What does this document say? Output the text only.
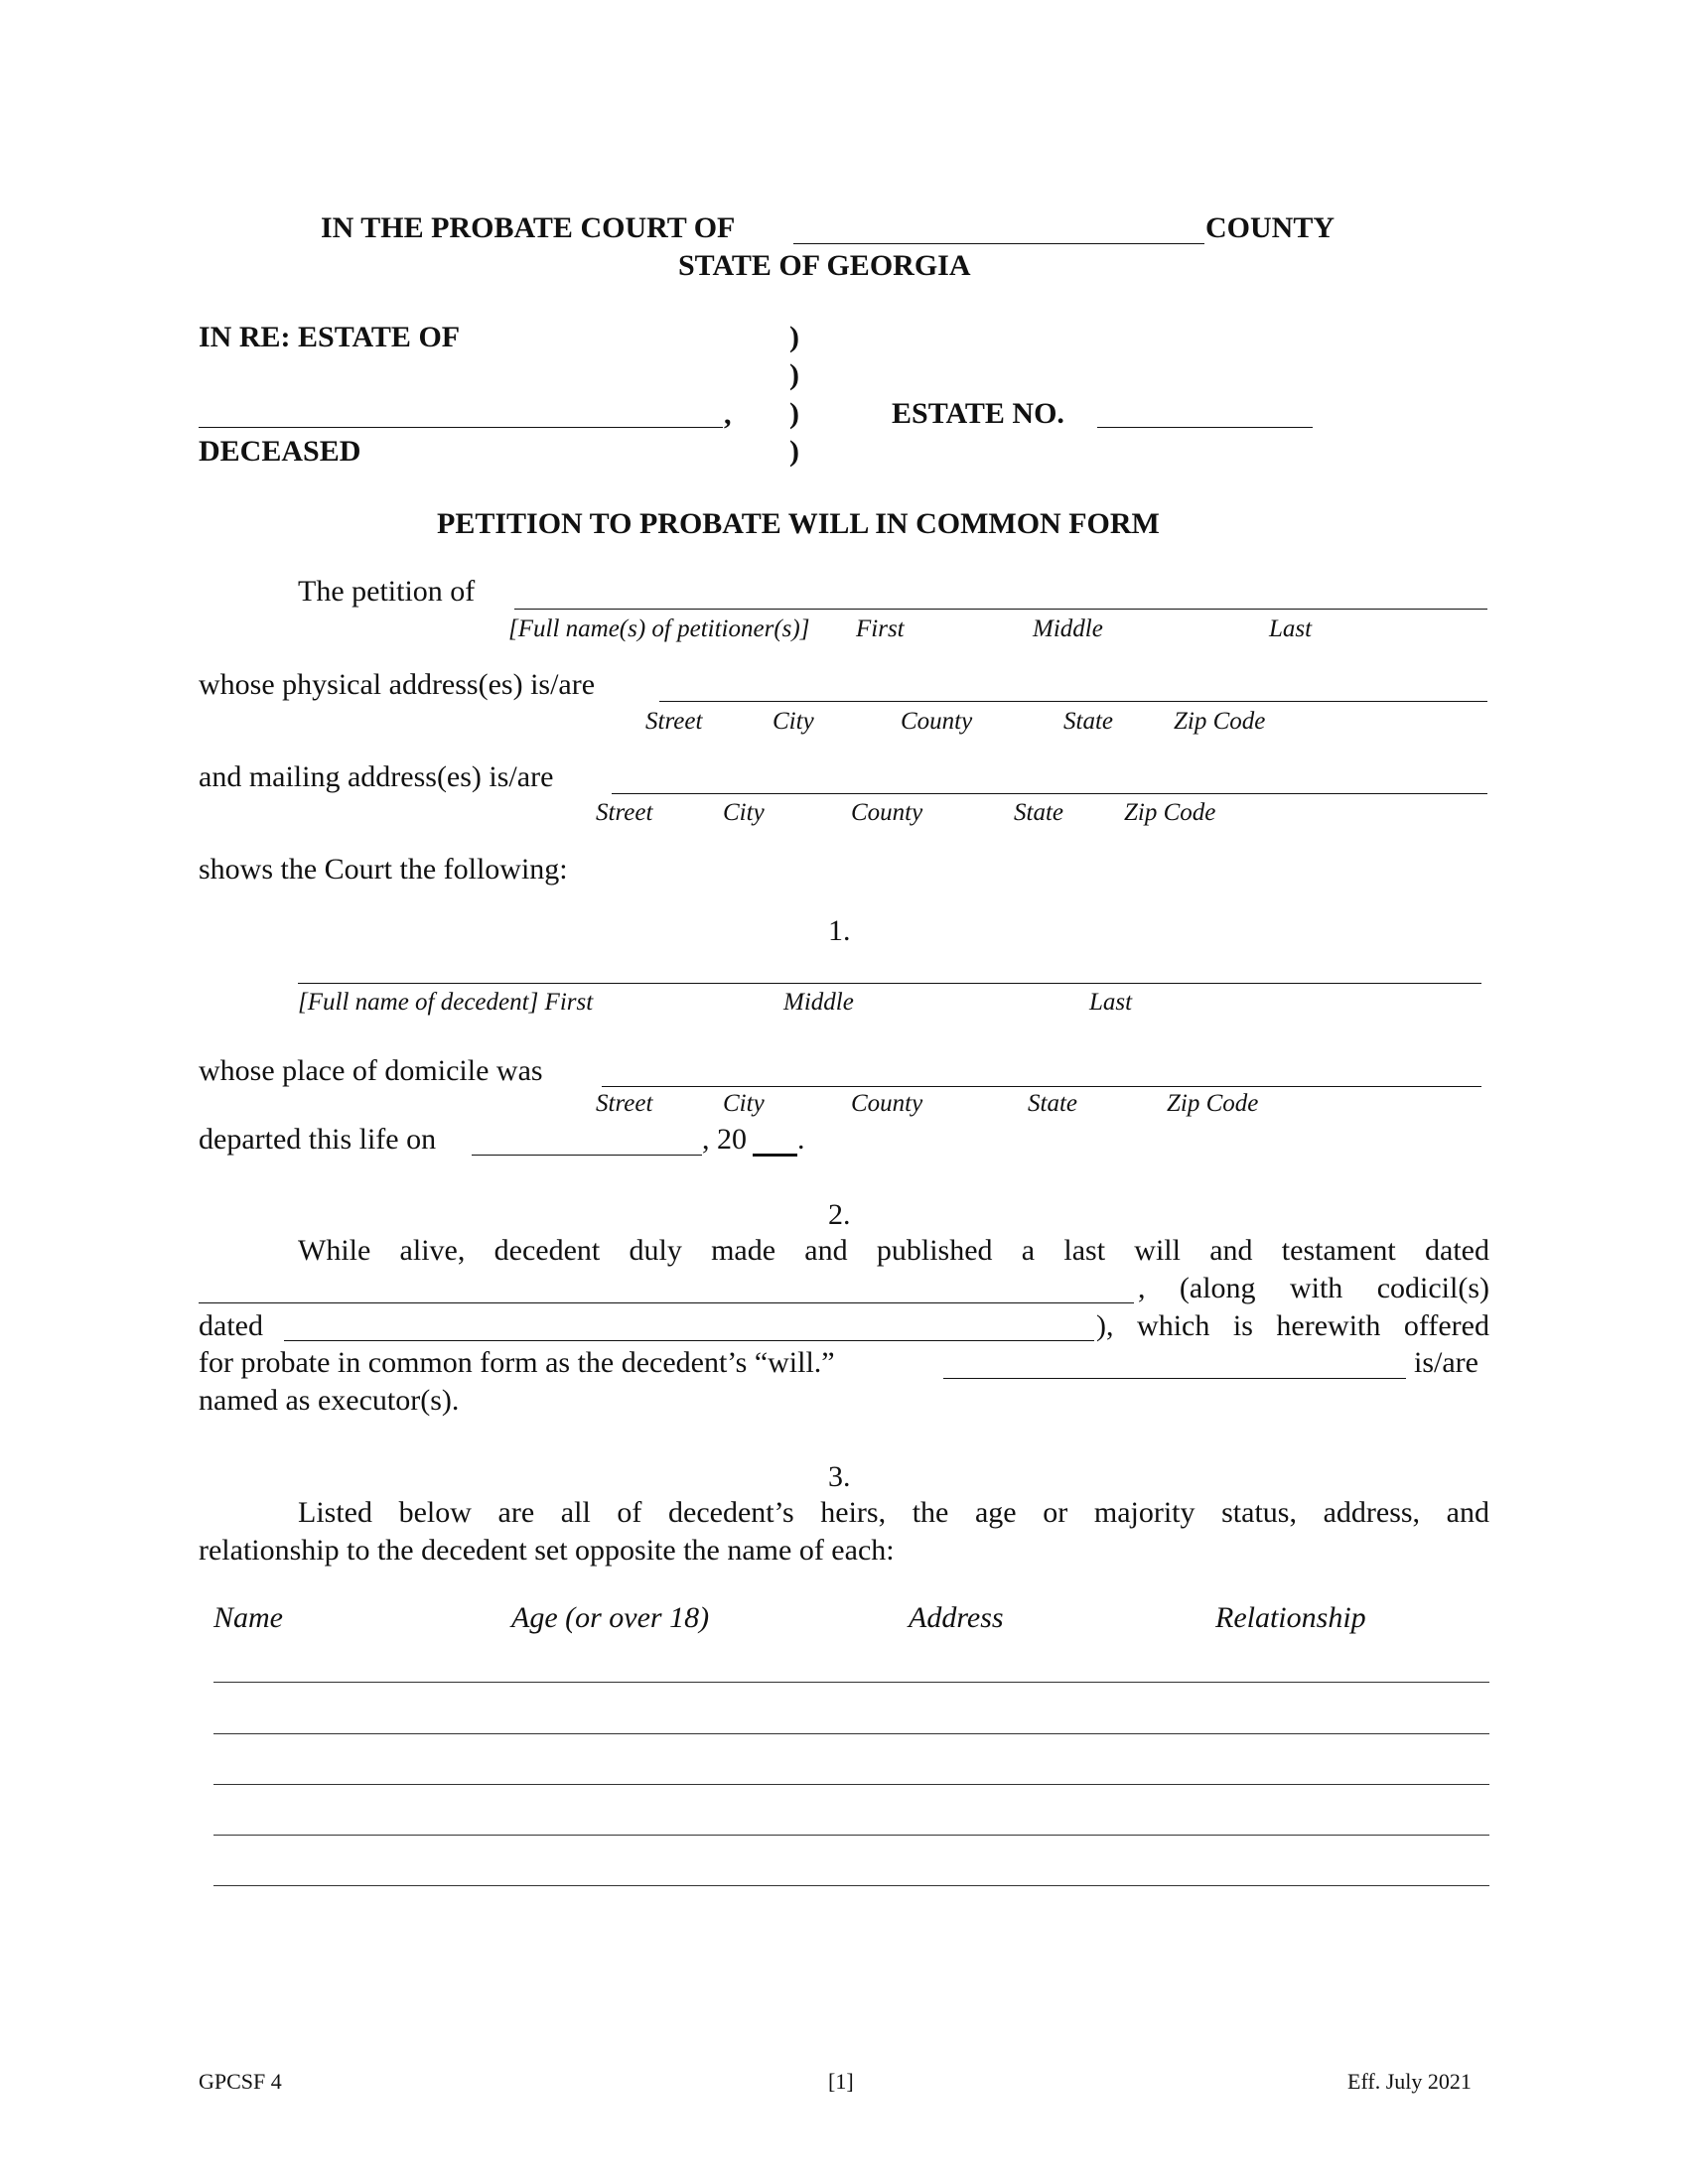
IN THE PROBATE COURT OF	COUNTY
STATE OF GEORGIA
IN RE: ESTATE OF
,
DECEASED
)
)
)
)
ESTATE NO.
PETITION TO PROBATE WILL IN COMMON FORM
The petition of
[Full name(s) of petitioner(s)] First	Middle	Last
whose physical address(es) is/are
Street	City	County	State Zip Code
and mailing address(es) is/are
Street	City	County	State Zip Code
shows the Court the following:
1.
[Full name of decedent] First	Middle	Last
whose place of domicile was
Street	City	County	State	Zip Code
departed this life on	, 20 .
2.
While alive, decedent duly made and published a last will and testament dated
, (along with codicil(s)
dated	), which is herewith offered
for probate in common form as the decedent’s “will.”	is/are
named as executor(s).
3.
Listed below are all of decedent’s heirs, the age or majority status, address, and
relationship to the decedent set opposite the name of each:
Name	Age (or over 18)	Address	Relationship
GPCSF 4	[1]	Eff. July 2021
